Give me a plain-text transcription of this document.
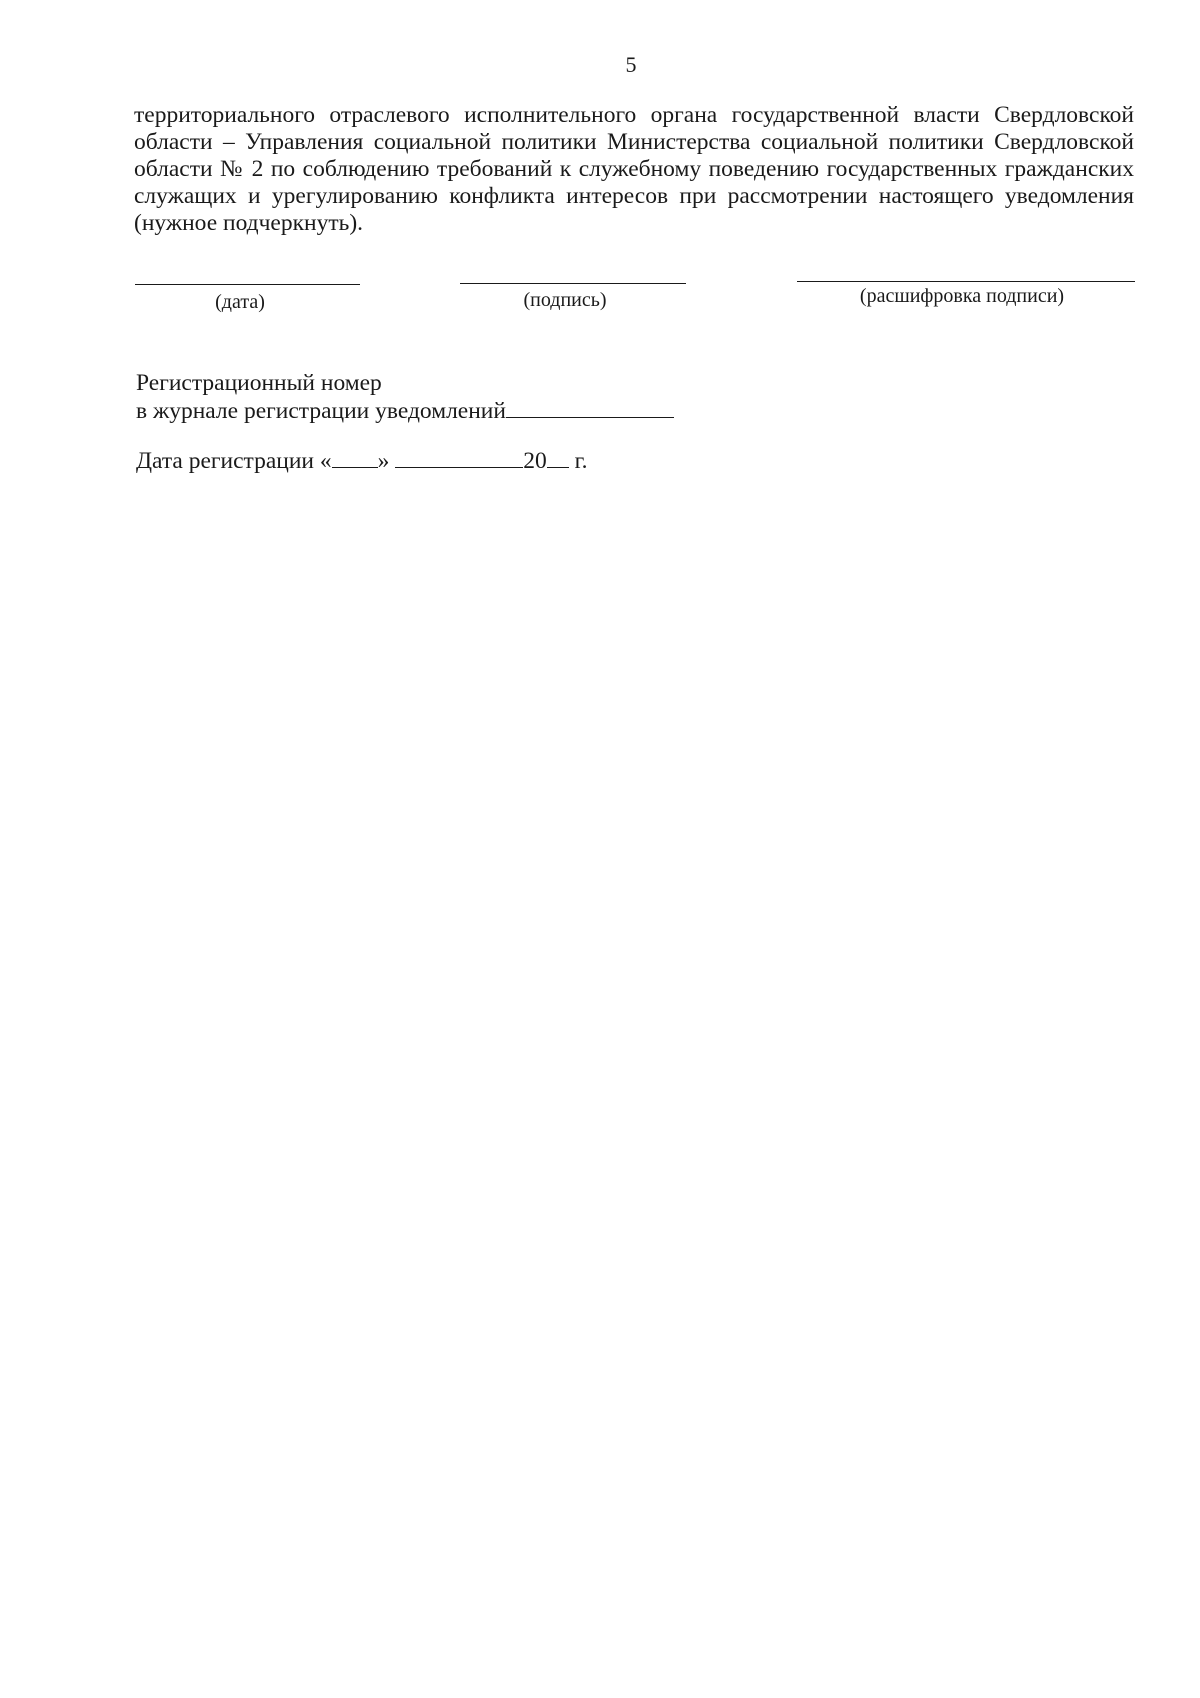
5
территориального отраслевого исполнительного органа государственной власти Свердловской области – Управления социальной политики Министерства социальной политики Свердловской области № 2 по соблюдению требований к служебному поведению государственных гражданских служащих и урегулированию конфликта интересов при рассмотрении настоящего уведомления (нужное подчеркнуть).
(дата)	(подпись)	(расшифровка подписи)
Регистрационный номер
в журнале регистрации уведомлений
Дата регистрации « »	20 г.
